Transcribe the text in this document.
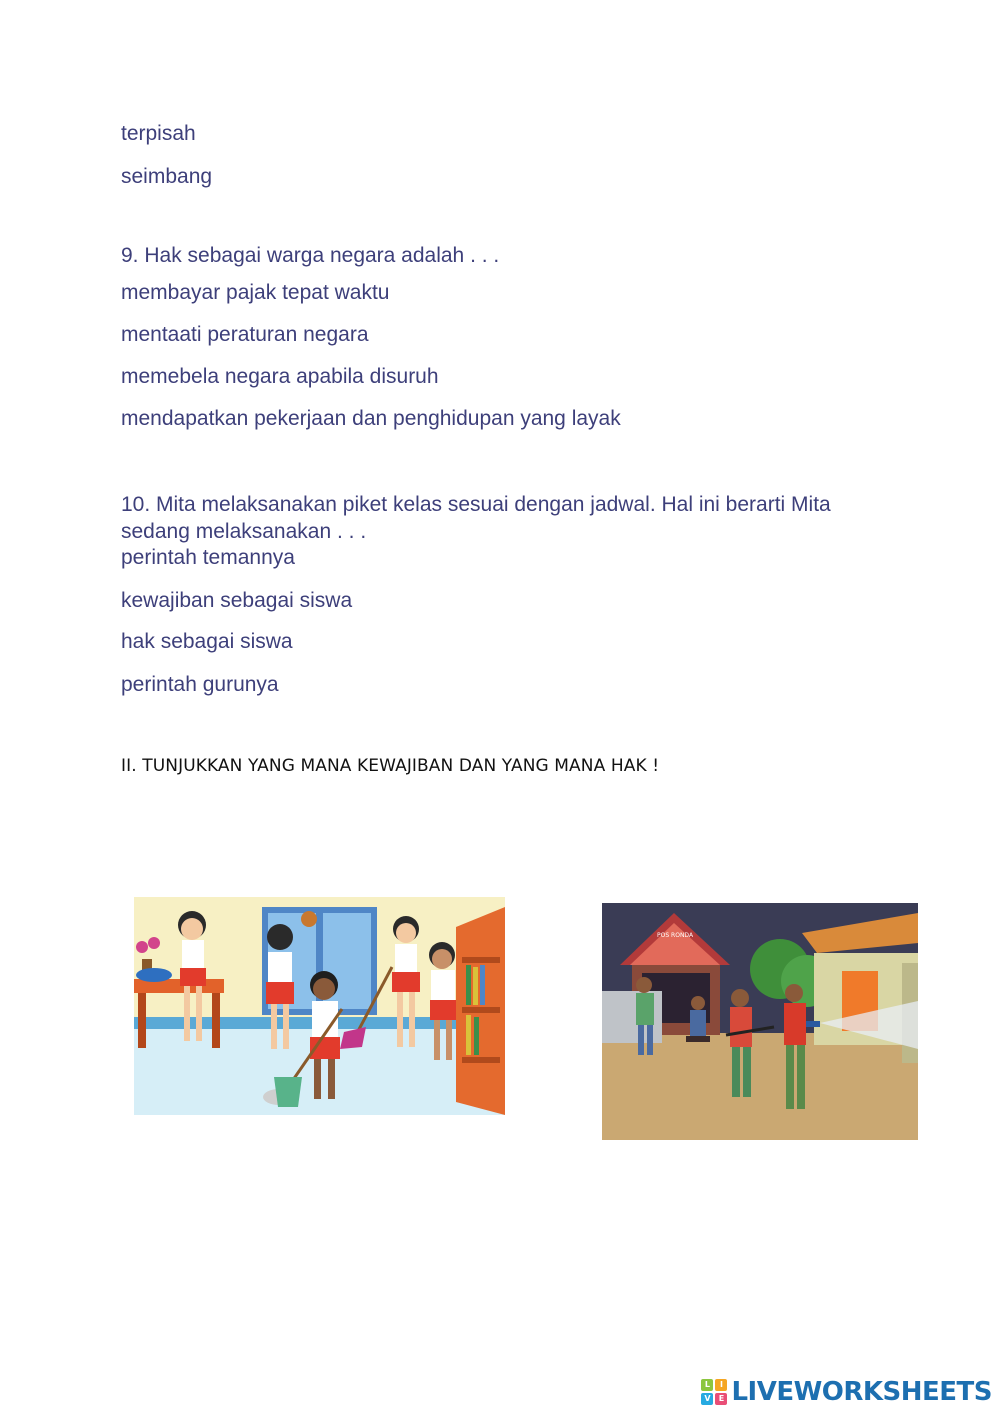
terpisah
seimbang
9. Hak sebagai warga negara adalah . . .
membayar pajak tepat waktu
mentaati peraturan negara
memebela negara apabila disuruh
mendapatkan pekerjaan dan penghidupan yang layak
10. Mita melaksanakan piket kelas sesuai dengan jadwal. Hal ini berarti Mita sedang melaksanakan . . .
perintah temannya
kewajiban sebagai siswa
hak sebagai siswa
perintah gurunya
II. TUNJUKKAN YANG MANA KEWAJIBAN DAN YANG MANA HAK !
POS RONDA
L	I
V	E LIVEWORKSHEETS
